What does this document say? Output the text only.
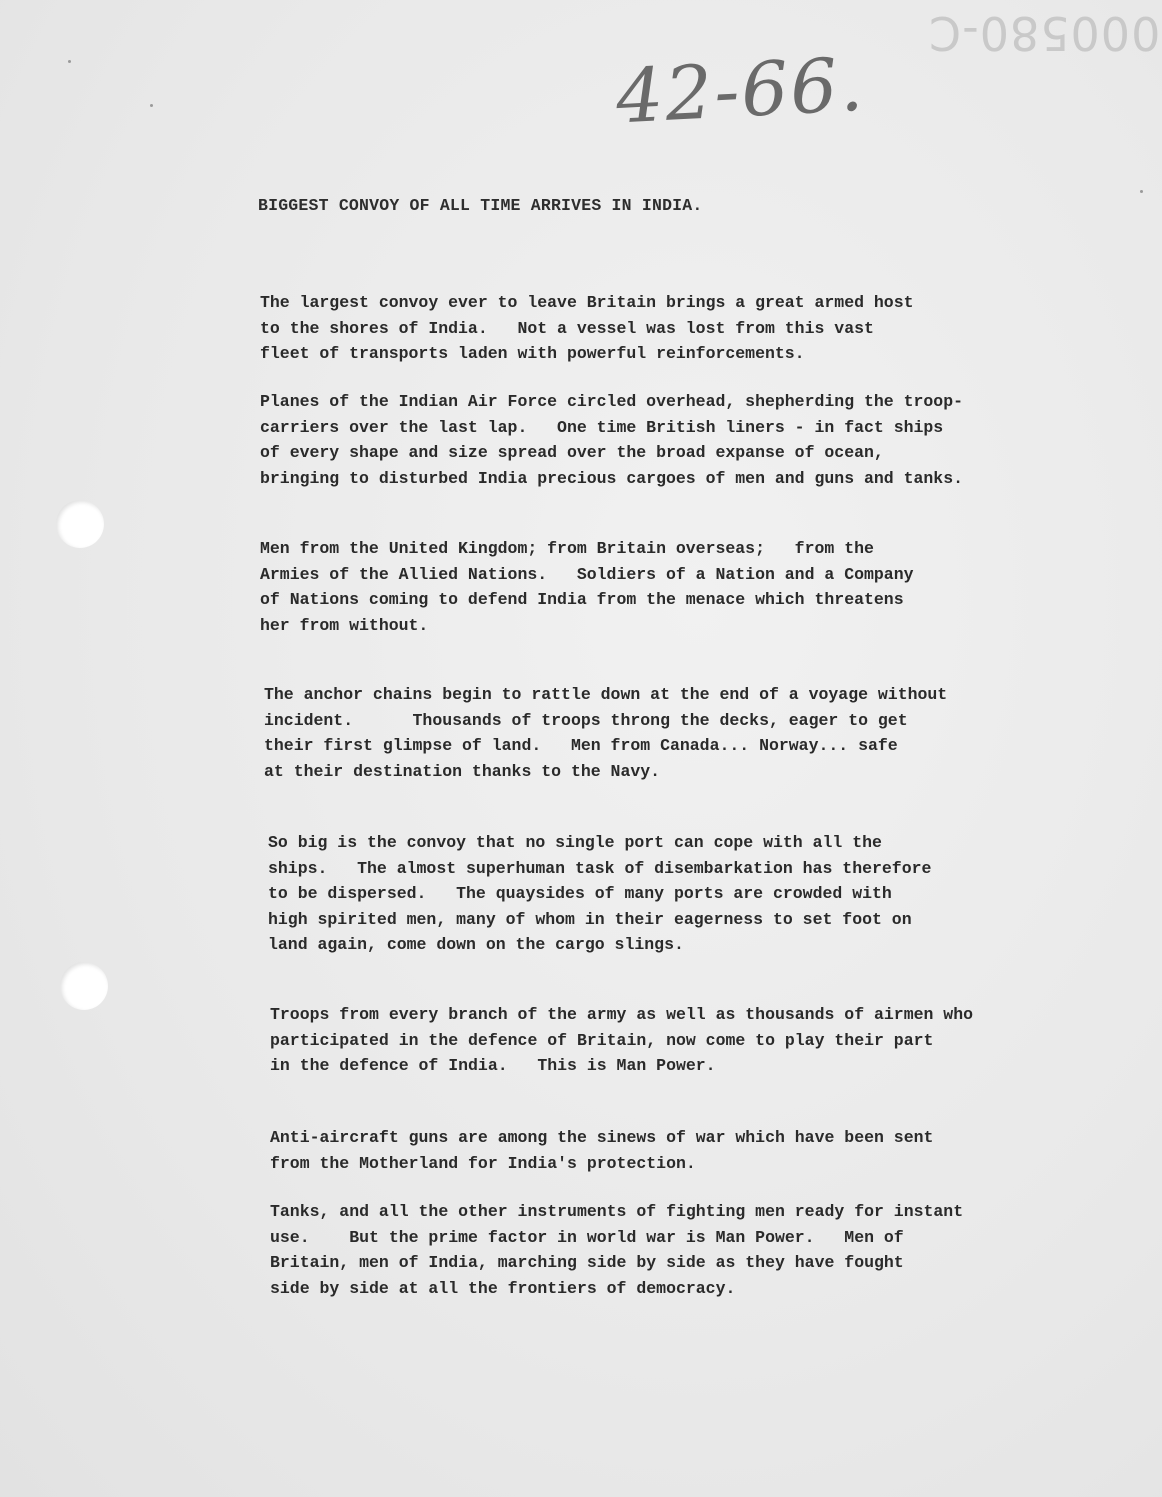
000580-C
42-66.
BIGGEST CONVOY OF ALL TIME ARRIVES IN INDIA.
The largest convoy ever to leave Britain brings a great armed host
to the shores of India.   Not a vessel was lost from this vast
fleet of transports laden with powerful reinforcements.
Planes of the Indian Air Force circled overhead, shepherding the troop-
carriers over the last lap.   One time British liners - in fact ships
of every shape and size spread over the broad expanse of ocean,
bringing to disturbed India precious cargoes of men and guns and tanks.
Men from the United Kingdom; from Britain overseas;   from the
Armies of the Allied Nations.   Soldiers of a Nation and a Company
of Nations coming to defend India from the menace which threatens
her from without.
The anchor chains begin to rattle down at the end of a voyage without
incident.      Thousands of troops throng the decks, eager to get
their first glimpse of land.   Men from Canada... Norway... safe
at their destination thanks to the Navy.
So big is the convoy that no single port can cope with all the
ships.   The almost superhuman task of disembarkation has therefore
to be dispersed.   The quaysides of many ports are crowded with
high spirited men, many of whom in their eagerness to set foot on
land again, come down on the cargo slings.
Troops from every branch of the army as well as thousands of airmen who
participated in the defence of Britain, now come to play their part
in the defence of India.   This is Man Power.
Anti-aircraft guns are among the sinews of war which have been sent
from the Motherland for India's protection.
Tanks, and all the other instruments of fighting men ready for instant
use.    But the prime factor in world war is Man Power.   Men of
Britain, men of India, marching side by side as they have fought
side by side at all the frontiers of democracy.
